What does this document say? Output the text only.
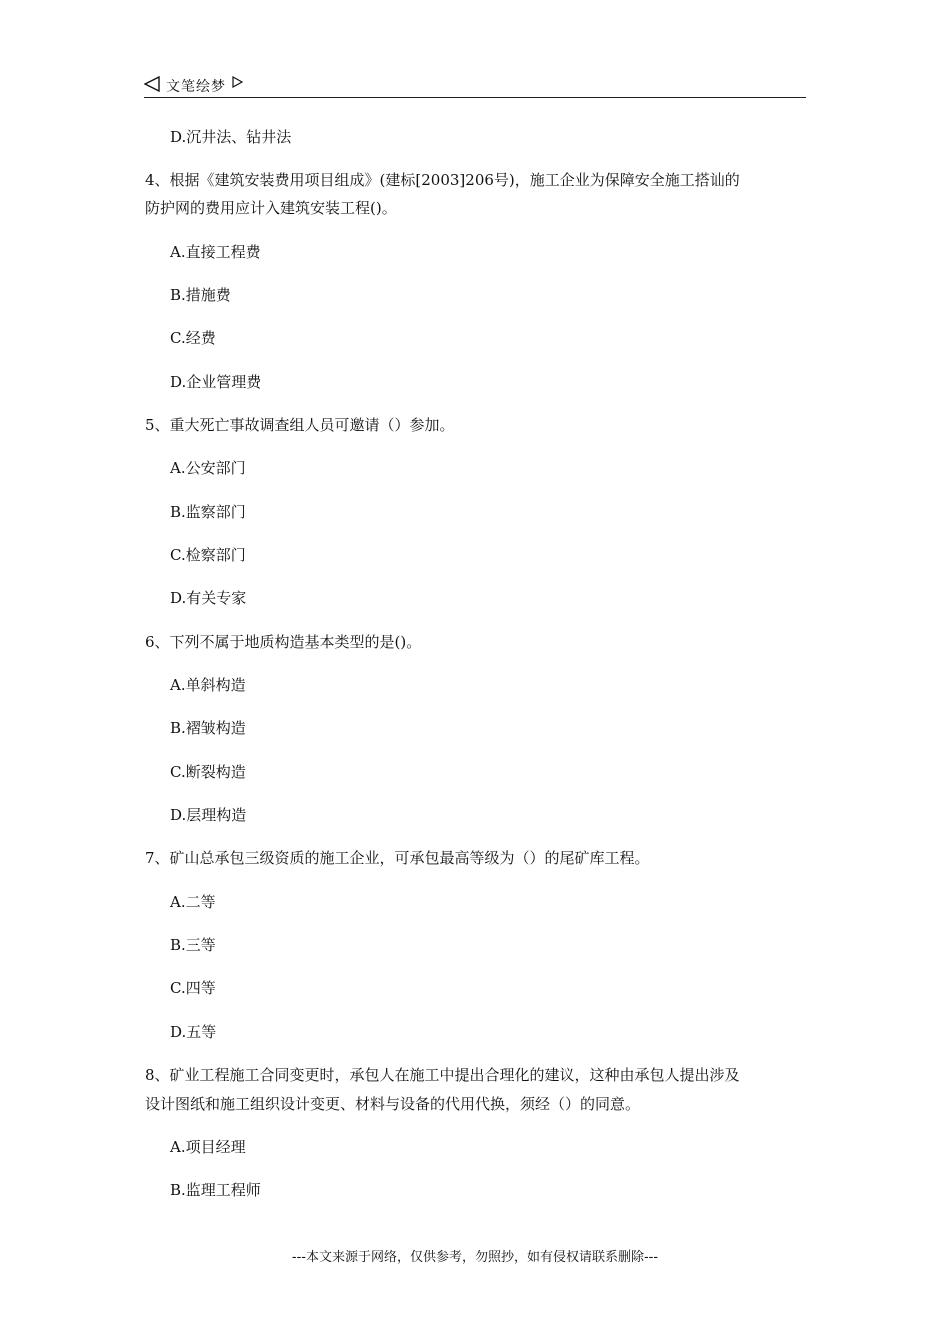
文笔绘梦
D.沉井法、钻井法
4、根据《建筑安装费用项目组成》(建标[2003]206号)，施工企业为保障安全施工搭讪的
防护网的费用应计入建筑安装工程()。
A.直接工程费
B.措施费
C.经费
D.企业管理费
5、重大死亡事故调查组人员可邀请（）参加。
A.公安部门
B.监察部门
C.检察部门
D.有关专家
6、下列不属于地质构造基本类型的是()。
A.单斜构造
B.褶皱构造
C.断裂构造
D.层理构造
7、矿山总承包三级资质的施工企业，可承包最高等级为（）的尾矿库工程。
A.二等
B.三等
C.四等
D.五等
8、矿业工程施工合同变更时，承包人在施工中提出合理化的建议，这种由承包人提出涉及
设计图纸和施工组织设计变更、材料与设备的代用代换，须经（）的同意。
A.项目经理
B.监理工程师
---本文来源于网络，仅供参考，勿照抄，如有侵权请联系删除---
